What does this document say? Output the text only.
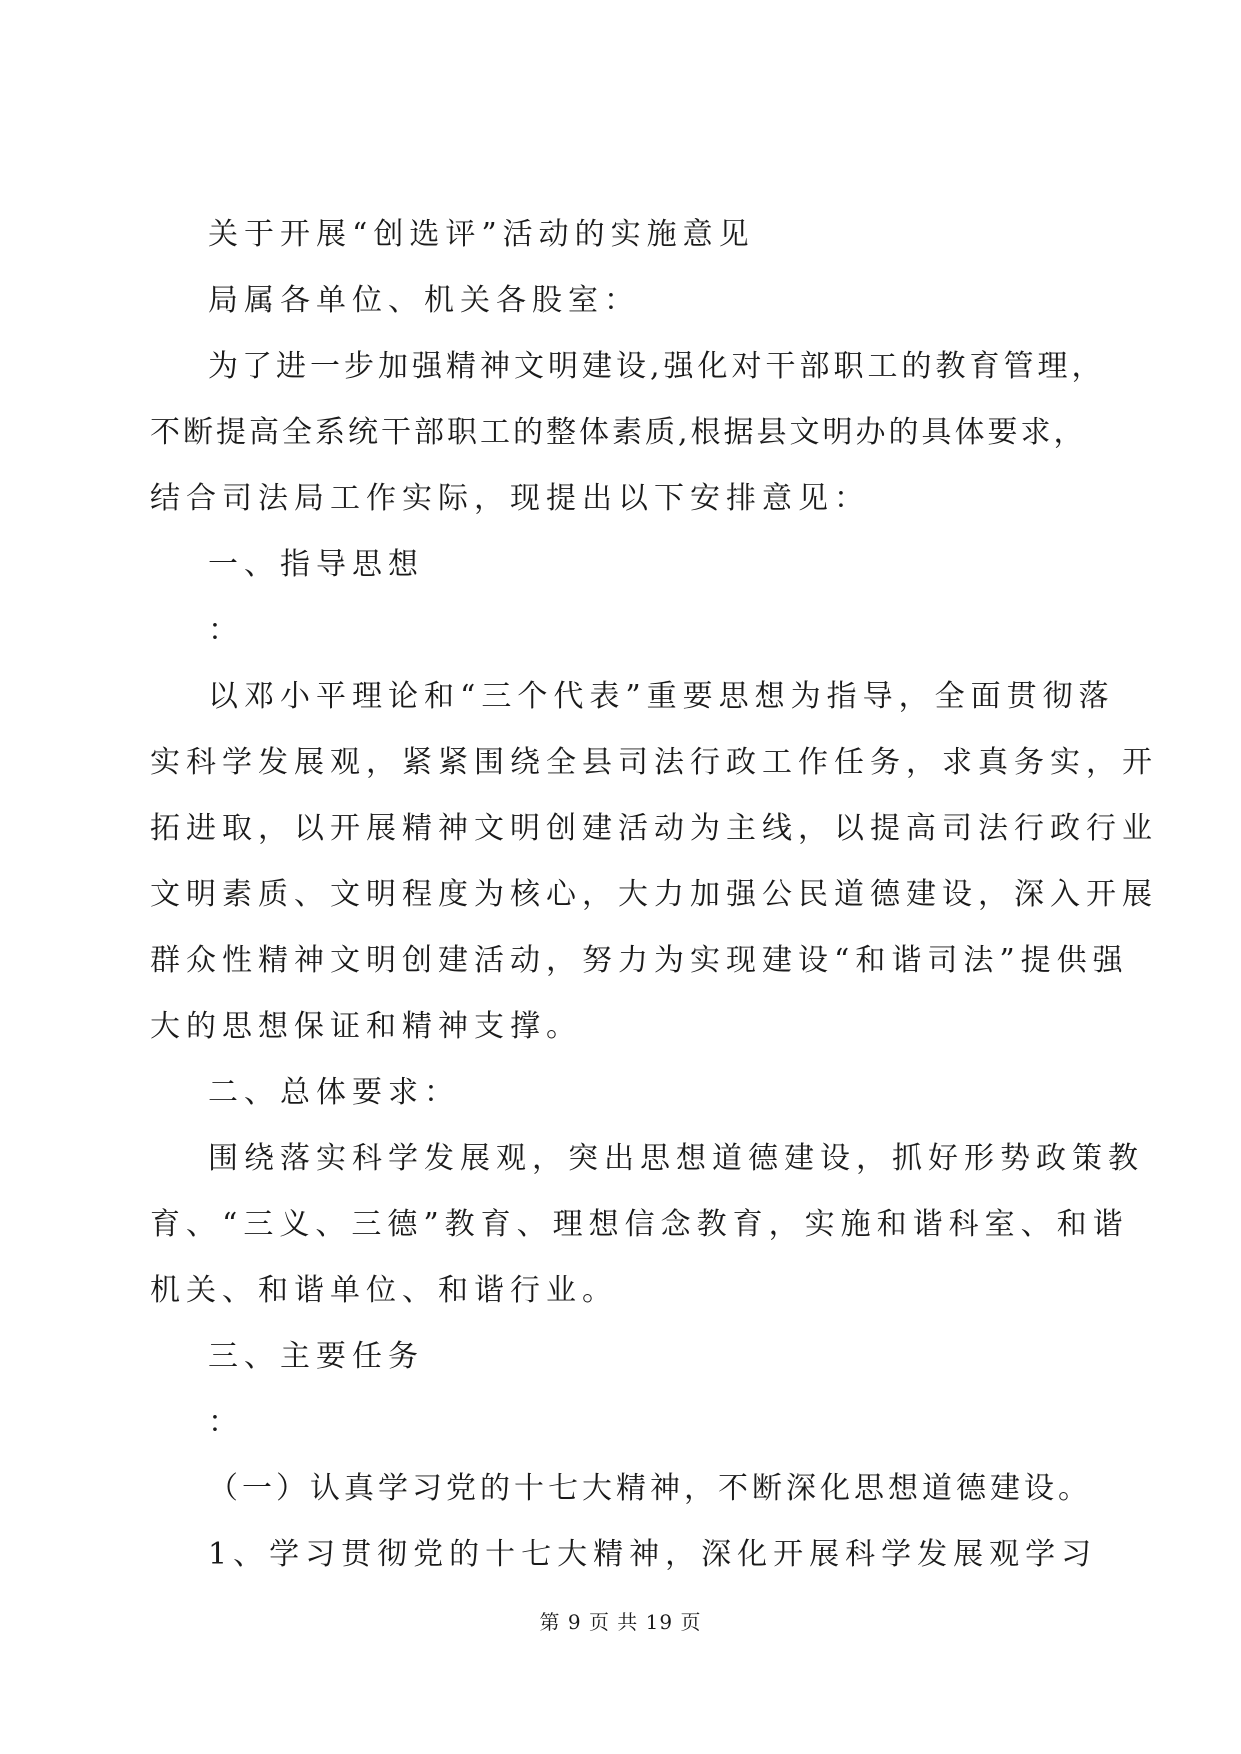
关于开展“创选评”活动的实施意见
局属各单位、机关各股室：
为了进一步加强精神文明建设,强化对干部职工的教育管理，
不断提高全系统干部职工的整体素质,根据县文明办的具体要求，
结合司法局工作实际，现提出以下安排意见：
一、指导思想
：
以邓小平理论和“三个代表”重要思想为指导，全面贯彻落
实科学发展观，紧紧围绕全县司法行政工作任务，求真务实，开
拓进取，以开展精神文明创建活动为主线，以提高司法行政行业
文明素质、文明程度为核心，大力加强公民道德建设，深入开展
群众性精神文明创建活动，努力为实现建设“和谐司法”提供强
大的思想保证和精神支撑。
二、总体要求：
围绕落实科学发展观，突出思想道德建设，抓好形势政策教
育、“三义、三德”教育、理想信念教育，实施和谐科室、和谐
机关、和谐单位、和谐行业。
三、主要任务
：
（一）认真学习党的十七大精神，不断深化思想道德建设。
1、学习贯彻党的十七大精神，深化开展科学发展观学习
第 9 页 共 19 页
